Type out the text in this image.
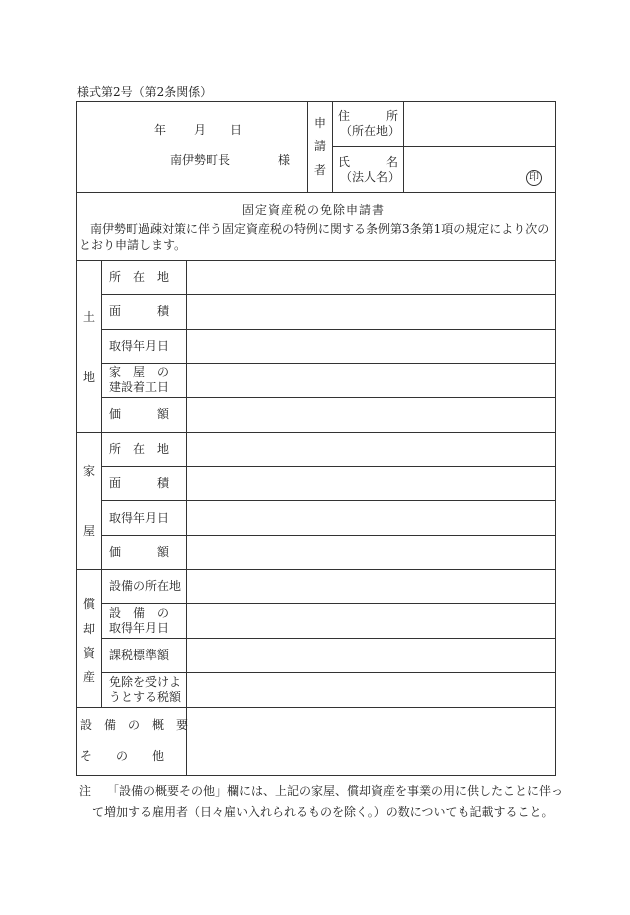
様式第2号（第2条関係）
年 月 日
南伊勢町長	様
申
請
者
住　　　所
（所在地）
氏　　　名
（法人名）	印
固定資産税の免除申請書
南伊勢町過疎対策に伴う固定資産税の特例に関する条例第3条第1項の規定により次の
とおり申請します。
土
地
所　在　地
面　　　積
取得年月日
家　屋　の
建設着工日
価　　　額
家
屋
所　在　地
面　　　積
取得年月日
価　　　額
償
却
資
産
設備の所在地
設　備　の
取得年月日
課税標準額
免除を受けよ
うとする税額
設　備　の　概　要
そ　　の　　他
注 「設備の概要その他」欄には、上記の家屋、償却資産を事業の用に供したことに伴っ
て増加する雇用者（日々雇い入れられるものを除く。）の数についても記載すること。
